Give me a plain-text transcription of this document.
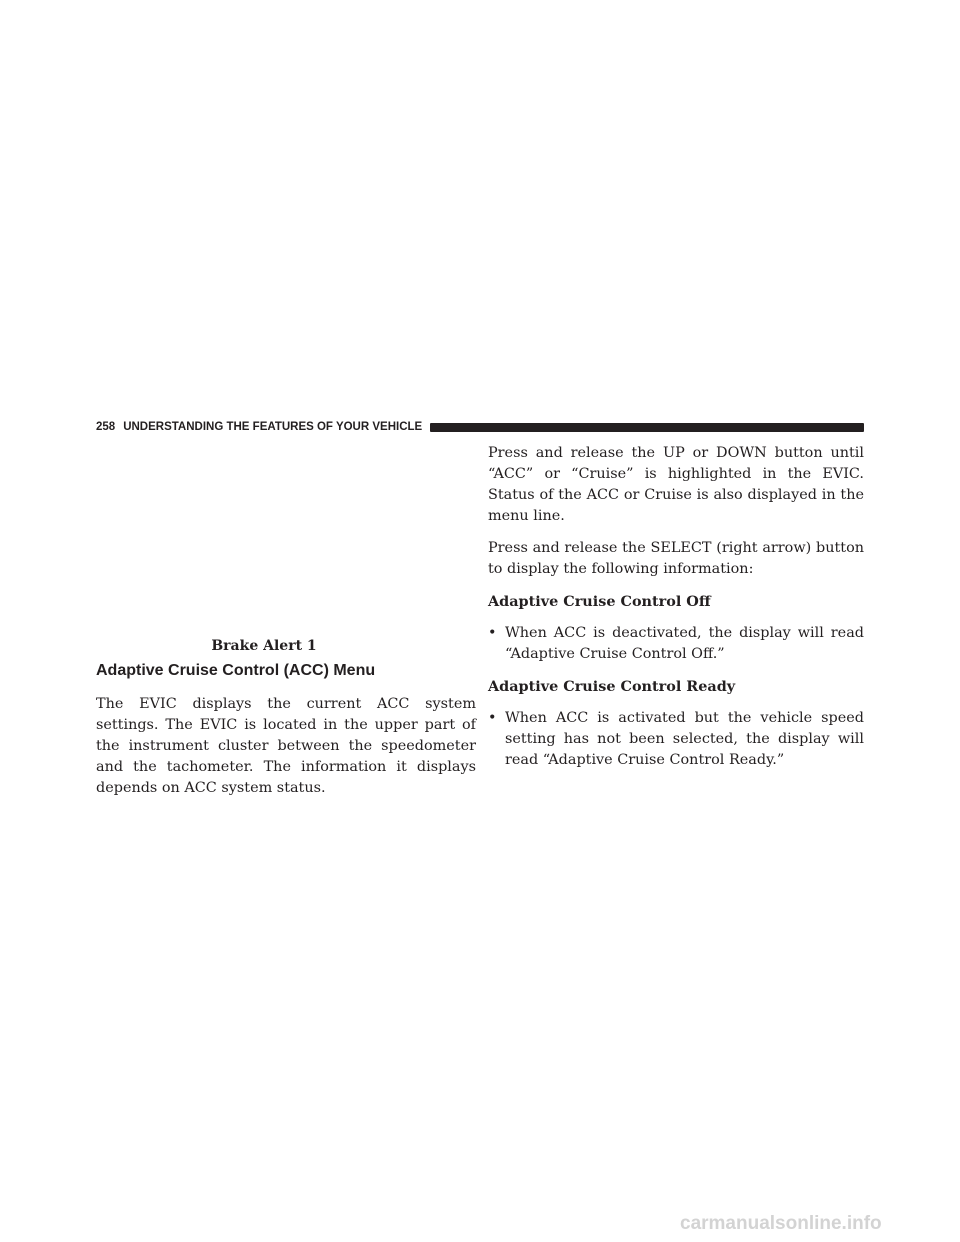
258 UNDERSTANDING THE FEATURES OF YOUR VEHICLE
Brake Alert 1
Adaptive Cruise Control (ACC) Menu

The EVIC displays the current ACC system settings. The EVIC is located in the upper part of the instrument cluster between the speedometer and the tachometer. The information it displays depends on ACC system status.

Press and release the UP or DOWN button until “ACC” or “Cruise” is highlighted in the EVIC. Status of the ACC or Cruise is also displayed in the menu line.

Press and release the SELECT (right arrow) button to display the following information:

Adaptive Cruise Control Off
• When ACC is deactivated, the display will read “Adaptive Cruise Control Off.”
Adaptive Cruise Control Ready
• When ACC is activated but the vehicle speed setting has not been selected, the display will read “Adaptive Cruise Control Ready.”
carmanualsonline.info
